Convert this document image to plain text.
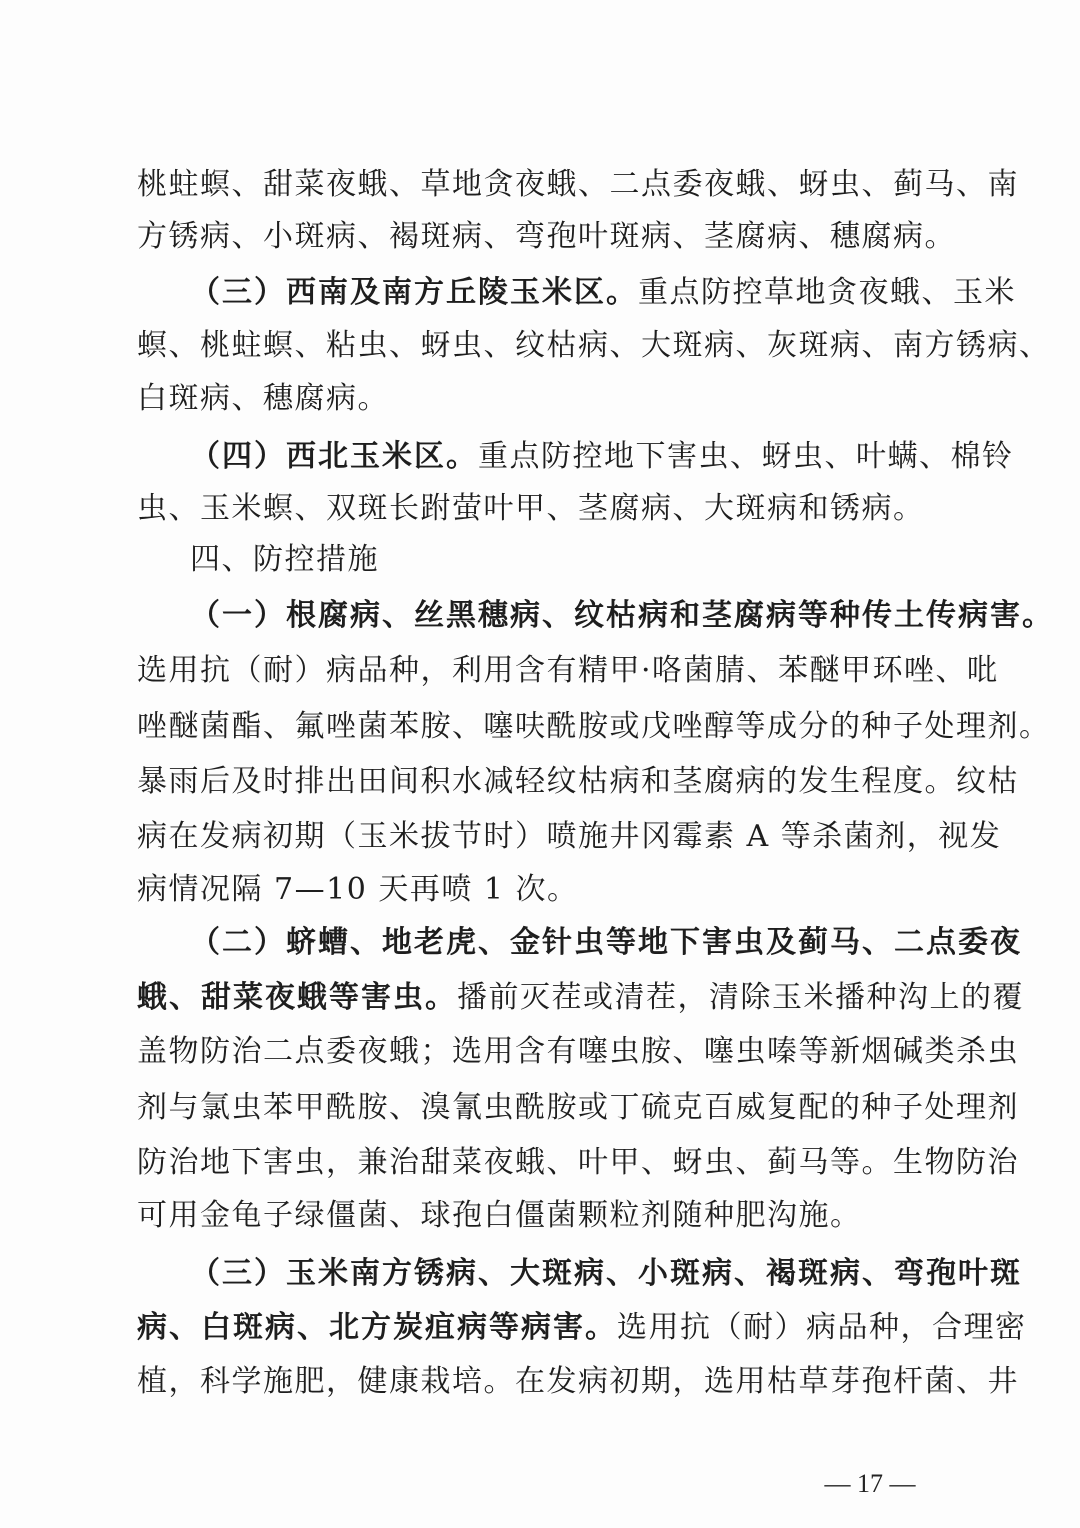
桃蛀螟、甜菜夜蛾、草地贪夜蛾、二点委夜蛾、蚜虫、蓟马、南
方锈病、小斑病、褐斑病、弯孢叶斑病、茎腐病、穗腐病。
（三）西南及南方丘陵玉米区。重点防控草地贪夜蛾、玉米
螟、桃蛀螟、粘虫、蚜虫、纹枯病、大斑病、灰斑病、南方锈病、
白斑病、穗腐病。
（四）西北玉米区。重点防控地下害虫、蚜虫、叶螨、棉铃
虫、玉米螟、双斑长跗萤叶甲、茎腐病、大斑病和锈病。
四、防控措施
（一）根腐病、丝黑穗病、纹枯病和茎腐病等种传土传病害。
选用抗（耐）病品种，利用含有精甲·咯菌腈、苯醚甲环唑、吡
唑醚菌酯、氟唑菌苯胺、噻呋酰胺或戊唑醇等成分的种子处理剂。
暴雨后及时排出田间积水减轻纹枯病和茎腐病的发生程度。纹枯
病在发病初期（玉米拔节时）喷施井冈霉素 A 等杀菌剂，视发
病情况隔 7—10 天再喷 1 次。
（二）蛴螬、地老虎、金针虫等地下害虫及蓟马、二点委夜
蛾、甜菜夜蛾等害虫。播前灭茬或清茬，清除玉米播种沟上的覆
盖物防治二点委夜蛾；选用含有噻虫胺、噻虫嗪等新烟碱类杀虫
剂与氯虫苯甲酰胺、溴氰虫酰胺或丁硫克百威复配的种子处理剂
防治地下害虫，兼治甜菜夜蛾、叶甲、蚜虫、蓟马等。生物防治
可用金龟子绿僵菌、球孢白僵菌颗粒剂随种肥沟施。
（三）玉米南方锈病、大斑病、小斑病、褐斑病、弯孢叶斑
病、白斑病、北方炭疽病等病害。选用抗（耐）病品种，合理密
植，科学施肥，健康栽培。在发病初期，选用枯草芽孢杆菌、井
— 17 —
